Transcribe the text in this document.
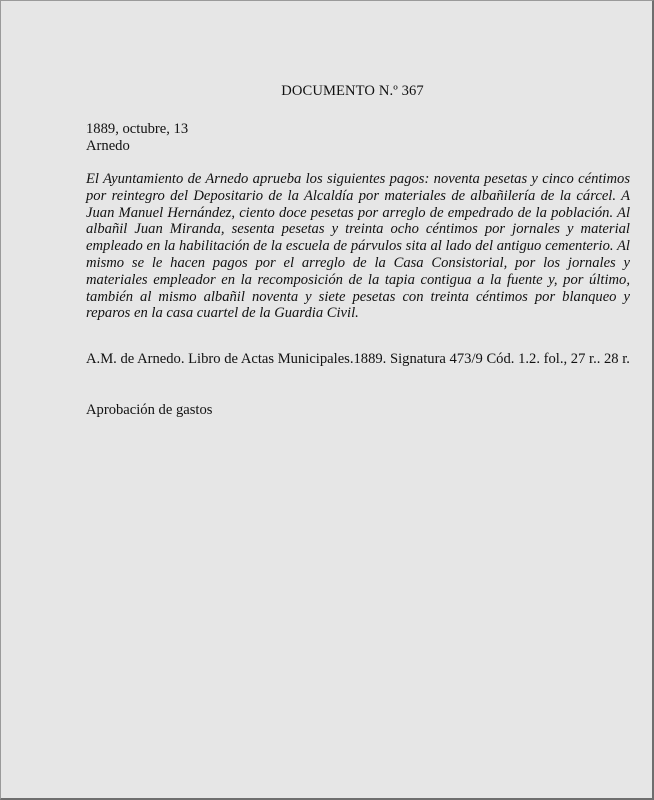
DOCUMENTO N.º 367
1889, octubre, 13
Arnedo

El Ayuntamiento de Arnedo aprueba los siguientes pagos: noventa pesetas y cinco céntimos por reintegro del Depositario de la Alcaldía por materiales de albañilería de la cárcel. A Juan Manuel Hernández, ciento doce pesetas por arreglo de empedrado de la población. Al albañil Juan Miranda, sesenta pesetas y treinta ocho céntimos por jornales y material empleado en la habilitación de la escuela de párvulos sita al lado del antiguo cementerio. Al mismo se le hacen pagos por el arreglo de la Casa Consistorial, por los jornales y materiales empleador en la recomposición de la tapia contigua a la fuente y, por último, también al mismo albañil noventa y siete pesetas con treinta céntimos por blanqueo y reparos en la casa cuartel de la Guardia Civil.

A.M. de Arnedo. Libro de Actas Municipales.1889. Signatura 473/9 Cód. 1.2. fol., 27 r.. 28 r.

Aprobación de gastos
